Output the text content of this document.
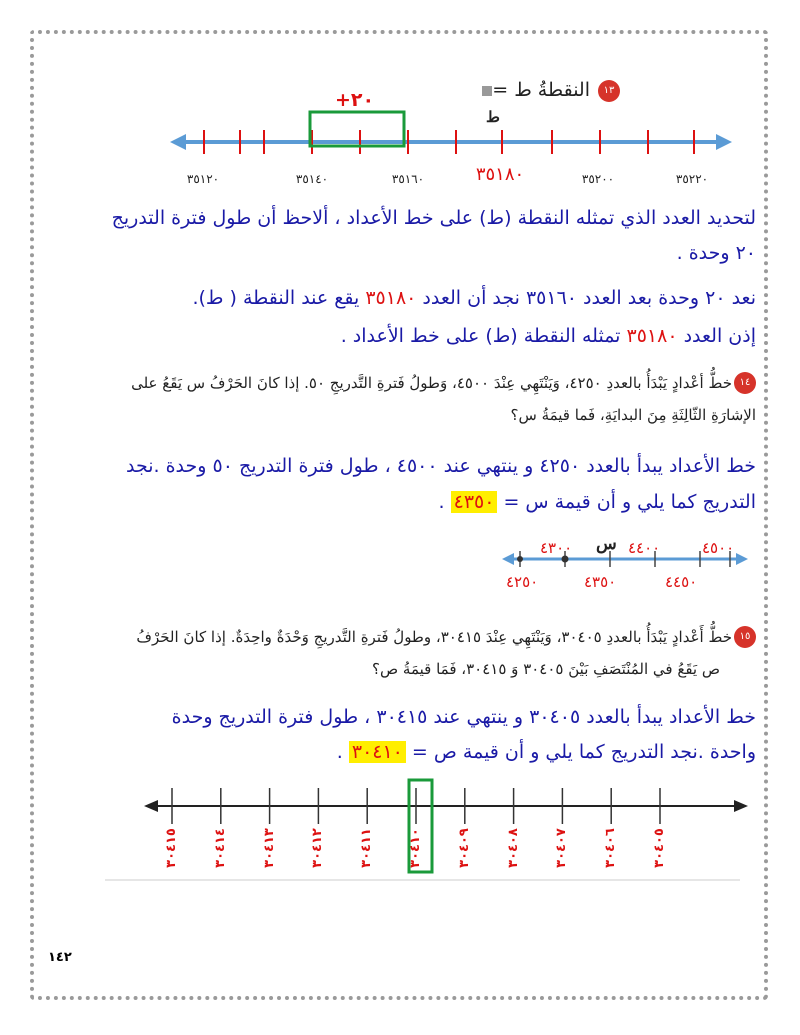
١٣
النقطةُ ط =
+٢٠
ط
٣٥١٢٠	٣٥١٤٠	٣٥١٦٠	٣٥١٨٠	٣٥٢٠٠	٣٥٢٢٠
لتحديد العدد الذي تمثله النقطة (ط) على خط الأعداد ، ألاحظ أن طول فترة التدريج
٢٠ وحدة .
نعد ٢٠ وحدة بعد العدد ٣٥١٦٠ نجد أن العدد ٣٥١٨٠ يقع عند النقطة ( ط).
إذن العدد ٣٥١٨٠ تمثله النقطة (ط) على خط الأعداد .
١٤
خطُّ أعْدادٍ يَبْدَأُ بالعددِ ٤٢٥٠، وَيَنْتَهِي عِنْدَ ٤٥٠٠، وَطولُ فَترةِ التَّدريجِ ٥٠. إذا كانَ الحَرْفُ س يَقَعُ على
الإشارَةِ الثّالِثَةِ مِنَ البدايَةِ، فَما قيمَةُ س؟
خط الأعداد يبدأ بالعدد ٤٢٥٠ و ينتهي عند ٤٥٠٠ ، طول فترة التدريج ٥٠ وحدة .نجد
التدريج كما يلي و أن قيمة س = ٤٣٥٠ .
٤٣٠٠ س ٤٤٠٠	٤٥٠٠
٤٢٥٠	٤٣٥٠	٤٤٥٠
١٥
خطُّ أَعْدادٍ يَبْدَأُ بالعددِ ٣٠٤٠٥، وَيَنْتَهِي عِنْدَ ٣٠٤١٥، وطولُ فَترةِ التَّدريجِ وَحْدَةٌ واحِدَةٌ. إذا كانَ الحَرْفُ
ص يَقَعُ في المُنْتَصَفِ بَيْنَ ٣٠٤٠٥ وَ ٣٠٤١٥، فَمَا قيمَةُ ص؟
خط الأعداد يبدأ بالعدد ٣٠٤٠٥ و ينتهي عند ٣٠٤١٥ ، طول فترة التدريج وحدة
واحدة .نجد التدريج كما يلي و أن قيمة ص = ٣٠٤١٠ .
٣٠٤٠٥
٣٠٤٠٦
٣٠٤٠٧
٣٠٤٠٨
٣٠٤٠٩
٣٠٤١٠
٣٠٤١١
٣٠٤١٢
٣٠٤١٣
٣٠٤١٤
٣٠٤١٥
١٤٢
